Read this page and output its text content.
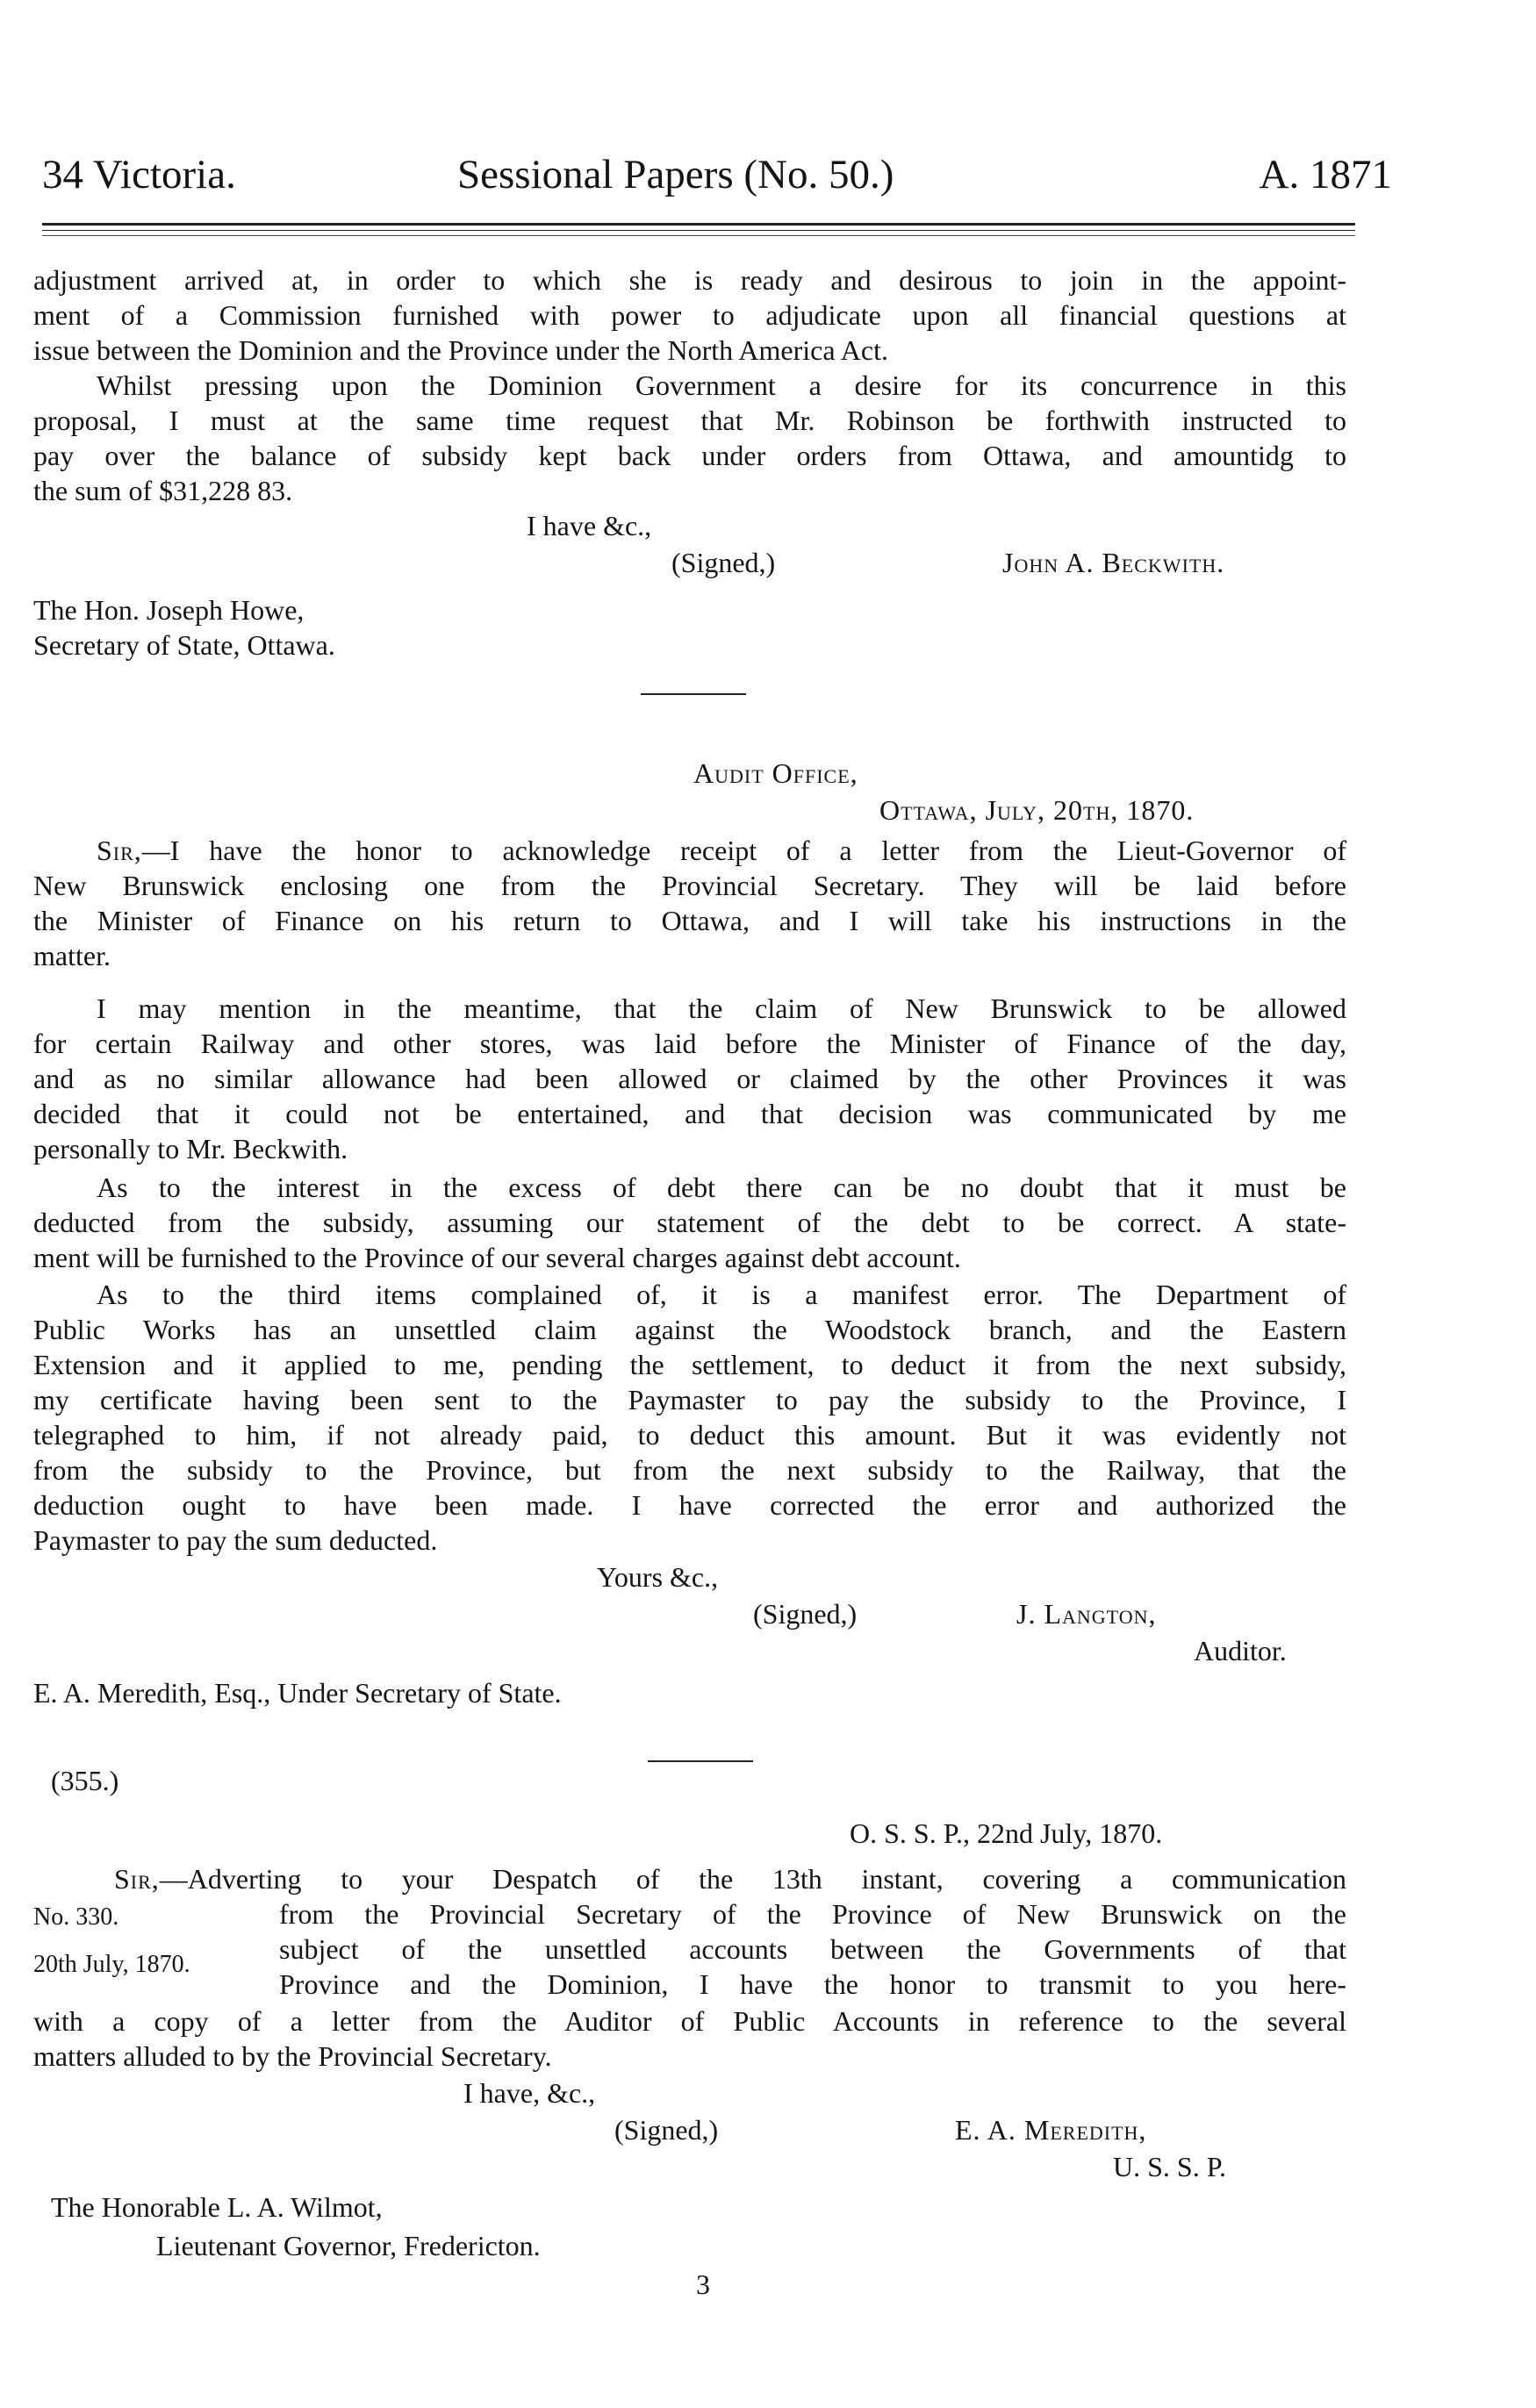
34 Victoria.	Sessional Papers (No. 50.)	A. 1871
adjustment arrived at, in order to which she is ready and desirous to join in the appoint-
ment of a Commission furnished with power to adjudicate upon all financial questions at
issue between the Dominion and the Province under the North America Act.
Whilst pressing upon the Dominion Government a desire for its concurrence in this
proposal, I must at the same time request that Mr. Robinson be forthwith instructed to
pay over the balance of subsidy kept back under orders from Ottawa, and amountidg to
the sum of $31,228 83.
I have &c.,
(Signed,)	John A. Beckwith.
The Hon. Joseph Howe,
Secretary of State, Ottawa.
Audit Office,
Ottawa, July, 20th, 1870.
Sir, —I have the honor to acknowledge receipt of a letter from the Lieut-Governor of
New Brunswick enclosing one from the Provincial Secretary. They will be laid before
the Minister of Finance on his return to Ottawa, and I will take his instructions in the
matter.
I may mention in the meantime, that the claim of New Brunswick to be allowed
for certain Railway and other stores, was laid before the Minister of Finance of the day,
and as no similar allowance had been allowed or claimed by the other Provinces it was
decided that it could not be entertained, and that decision was communicated by me
personally to Mr. Beckwith.
As to the interest in the excess of debt there can be no doubt that it must be
deducted from the subsidy, assuming our statement of the debt to be correct. A state-
ment will be furnished to the Province of our several charges against debt account.
As to the third items complained of, it is a manifest error. The Department of
Public Works has an unsettled claim against the Woodstock branch, and the Eastern
Extension and it applied to me, pending the settlement, to deduct it from the next subsidy,
my certificate having been sent to the Paymaster to pay the subsidy to the Province, I
telegraphed to him, if not already paid, to deduct this amount. But it was evidently not
from the subsidy to the Province, but from the next subsidy to the Railway, that the
deduction ought to have been made. I have corrected the error and authorized the
Paymaster to pay the sum deducted.
Yours &c.,
(Signed,)	J. Langton,
Auditor.
E. A. Meredith, Esq., Under Secretary of State.
(355.)
O. S. S. P., 22nd July, 1870.
Sir, —Adverting to your Despatch of the 13th instant, covering a communication
No. 330.
20th July, 1870.
from the Provincial Secretary of the Province of New Brunswick on the
subject of the unsettled accounts between the Governments of that
Province and the Dominion, I have the honor to transmit to you here-
with a copy of a letter from the Auditor of Public Accounts in reference to the several
matters alluded to by the Provincial Secretary.
I have, &c.,
(Signed,)	E. A. Meredith,
U. S. S. P.
The Honorable L. A. Wilmot,
Lieutenant Governor, Fredericton.
3
